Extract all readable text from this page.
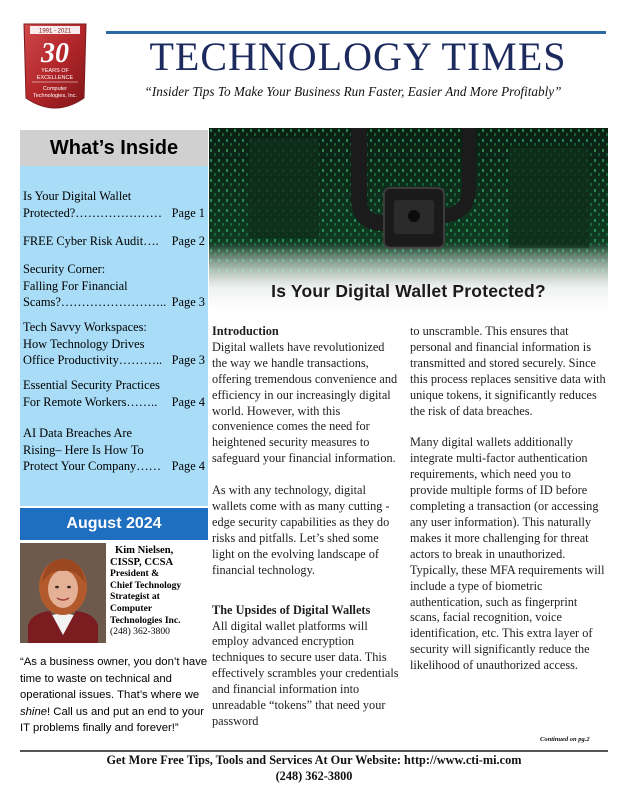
1991 - 2021
30
YEARS OF
EXCELLENCE
Computer
Technologies, Inc.
TECHNOLOGY TIMES
“Insider Tips To Make Your Business Run Faster, Easier And More Profitably”
What’s Inside
Is Your Digital Wallet
Protected? ………………… Page 1
FREE Cyber Risk Audit ….	Page 2
Security Corner:
Falling For Financial
Scams? …………………….. Page 3
Tech Savvy Workspaces:
How Technology Drives
Office Productivity ……….. Page 3
Essential Security Practices
For Remote Workers ……..	Page 4
AI Data Breaches Are
Rising– Here Is How To
Protect Your Company …… Page 4
August 2024
Kim Nielsen,
CISSP, CCSA
President &
Chief Technology
Strategist at
Computer
Technologies Inc.
(248) 362-3800
“As a business owner, you don’t have time to waste on technical and operational issues. That’s where we shine! Call us and put an end to your IT problems finally and forever!”
Is Your Digital Wallet Protected?
Introduction

Digital wallets have revolutionized the way we handle transactions, offering tremendous convenience and efficiency in our increasingly digital world. However, with this convenience comes the need for heightened security measures to safeguard your financial information.

As with any technology, digital wallets come with as many cutting -edge security capabilities as they do risks and pitfalls. Let’s shed some light on the evolving landscape of financial technology.

The Upsides of Digital Wallets

All digital wallet platforms will employ advanced encryption techniques to secure user data. This effectively scrambles your credentials and financial information into unreadable “tokens” that need your password

to unscramble. This ensures that personal and financial information is transmitted and stored securely. Since this process replaces sensitive data with unique tokens, it significantly reduces the risk of data breaches.

Many digital wallets additionally integrate multi-factor authentication requirements, which need you to provide multiple forms of ID before completing a transaction (or accessing any user information). This naturally makes it more challenging for threat actors to break in unauthorized. Typically, these MFA requirements will include a type of biometric authentication, such as fingerprint scans, facial recognition, voice identification, etc. This extra layer of security will significantly reduce the likelihood of unauthorized access.

Continued on pg.2
Get More Free Tips, Tools and Services At Our Website: http://www.cti-mi.com
(248) 362-3800
